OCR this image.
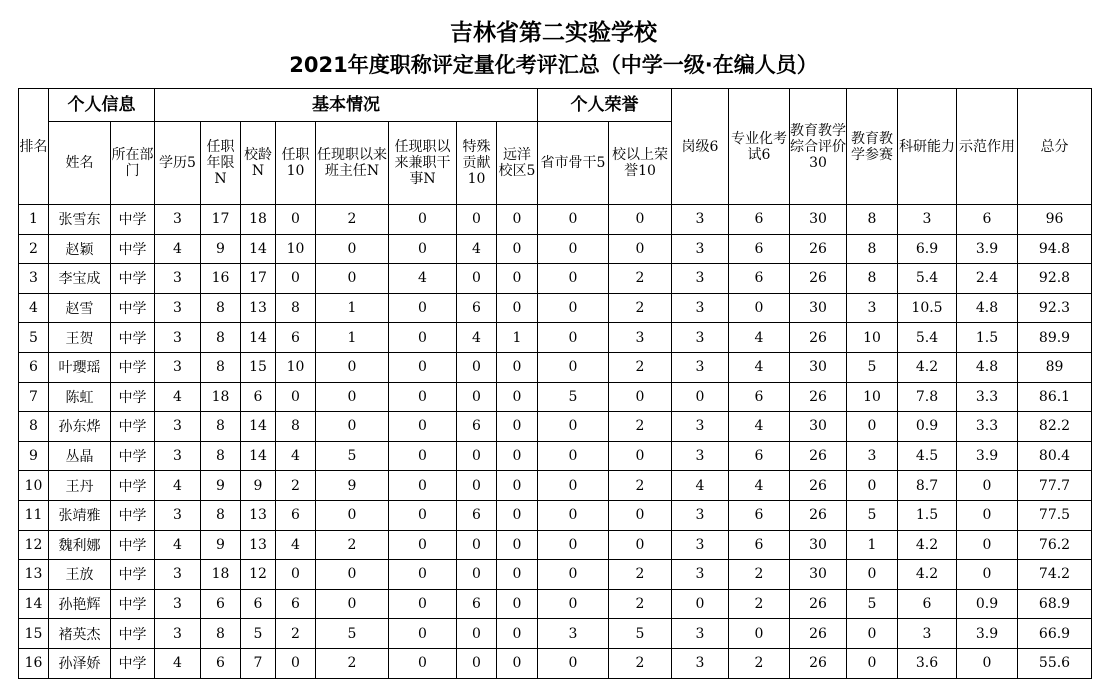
吉林省第二实验学校
2021年度职称评定量化考评汇总（中学一级·在编人员）
排名	个人信息		基本情况								个人荣誉		岗级6	专业化考试6	教育教学综合评价30	教育教学参赛	科研能力	示范作用	总分
	姓名	所在部门	学历5	任职年限N	校龄N	任职10	任现职以来班主任N	任现职以来兼职干事N	特殊贡献10	远洋校区5	省市骨干5	校以上荣誉10							
1	张雪东	中学	3	17	18	0	2	0	0	0	0	0	3	6	30	8	3	6	96
2	赵颖	中学	4	9	14	10	0	0	4	0	0	0	3	6	26	8	6.9	3.9	94.8
3	李宝成	中学	3	16	17	0	0	4	0	0	0	2	3	6	26	8	5.4	2.4	92.8
4	赵雪	中学	3	8	13	8	1	0	6	0	0	2	3	0	30	3	10.5	4.8	92.3
5	王贺	中学	3	8	14	6	1	0	4	1	0	3	3	4	26	10	5.4	1.5	89.9
6	叶瓔瑶	中学	3	8	15	10	0	0	0	0	0	2	3	4	30	5	4.2	4.8	89
7	陈虹	中学	4	18	6	0	0	0	0	0	5	0	0	6	26	10	7.8	3.3	86.1
8	孙东烨	中学	3	8	14	8	0	0	6	0	0	2	3	4	30	0	0.9	3.3	82.2
9	丛晶	中学	3	8	14	4	5	0	0	0	0	0	3	6	26	3	4.5	3.9	80.4
10	王丹	中学	4	9	9	2	9	0	0	0	0	2	4	4	26	0	8.7	0	77.7
11	张靖雅	中学	3	8	13	6	0	0	6	0	0	0	3	6	26	5	1.5	0	77.5
12	魏利娜	中学	4	9	13	4	2	0	0	0	0	0	3	6	30	1	4.2	0	76.2
13	王放	中学	3	18	12	0	0	0	0	0	0	2	3	2	30	0	4.2	0	74.2
14	孙艳辉	中学	3	6	6	6	0	0	6	0	0	2	0	2	26	5	6	0.9	68.9
15	褚英杰	中学	3	8	5	2	5	0	0	0	3	5	3	0	26	0	3	3.9	66.9
16	孙泽娇	中学	4	6	7	0	2	0	0	0	0	2	3	2	26	0	3.6	0	55.6
